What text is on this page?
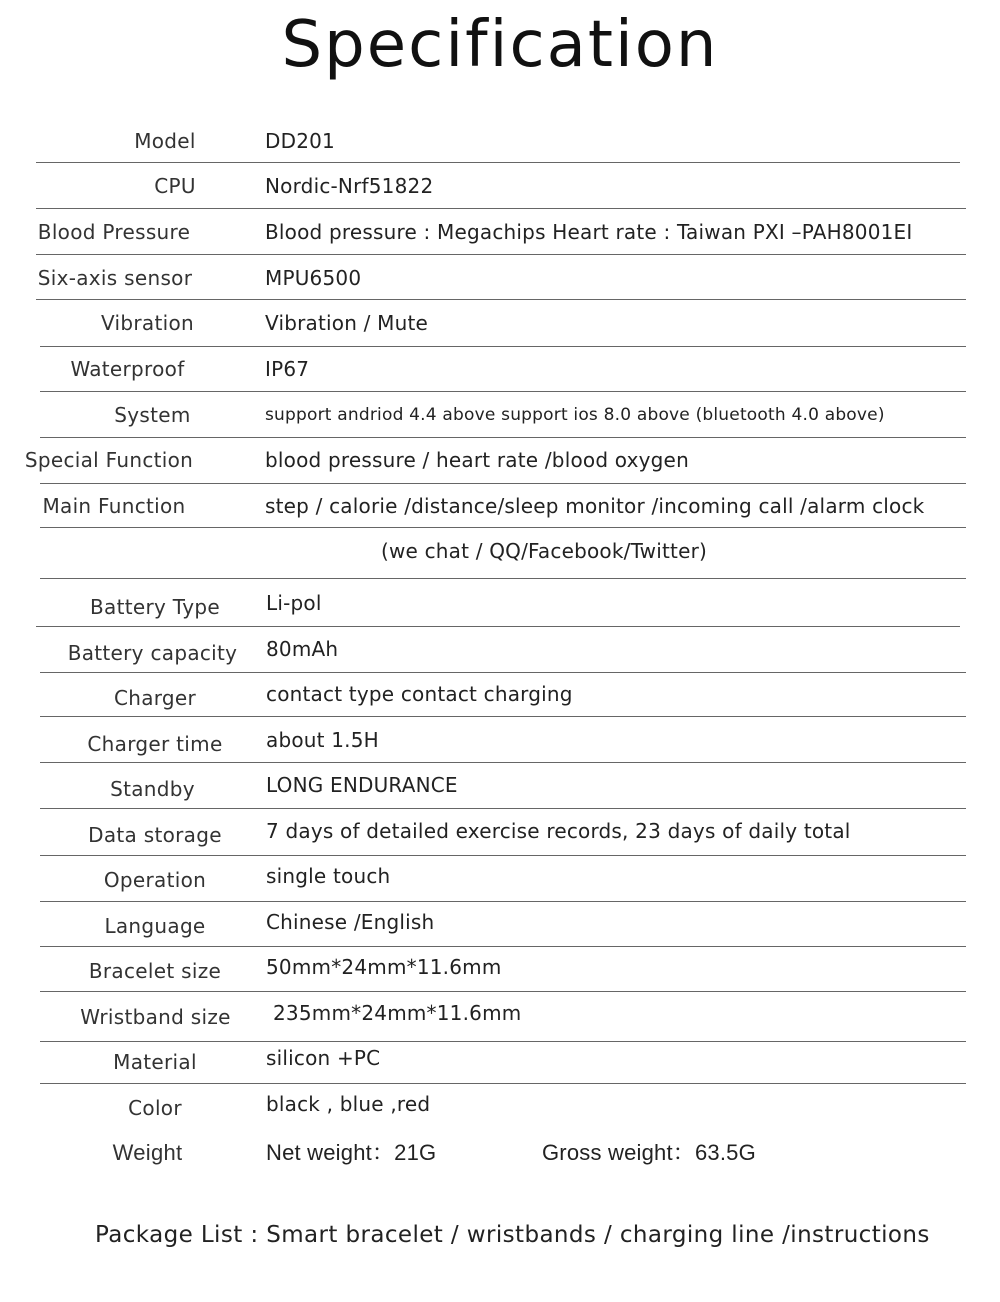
Specification
Model	DD201
CPU	Nordic-Nrf51822
Blood Pressure	Blood pressure : Megachips Heart rate : Taiwan PXI –PAH8001EI
Six-axis sensor	MPU6500
Vibration	Vibration / Mute
Waterproof	IP67
System	support andriod 4.4 above support ios 8.0 above (bluetooth 4.0 above)
Special Function	blood pressure / heart rate /blood oxygen
Main Function	step / calorie /distance/sleep monitor /incoming call /alarm clock
(we chat / QQ/Facebook/Twitter)
Battery Type	Li-pol
Battery capacity	80mAh
Charger	contact type contact charging
Charger time	about 1.5H
Standby	LONG ENDURANCE
Data storage	7 days of detailed exercise records, 23 days of daily total
Operation	single touch
Language	Chinese /English
Bracelet size	50mm*24mm*11.6mm
Wristband size	235mm*24mm*11.6mm
Material	silicon +PC
Color	black , blue ,red
Weight	Net weight：21G	Gross weight：63.5G
Package List : Smart bracelet / wristbands / charging line /instructions
